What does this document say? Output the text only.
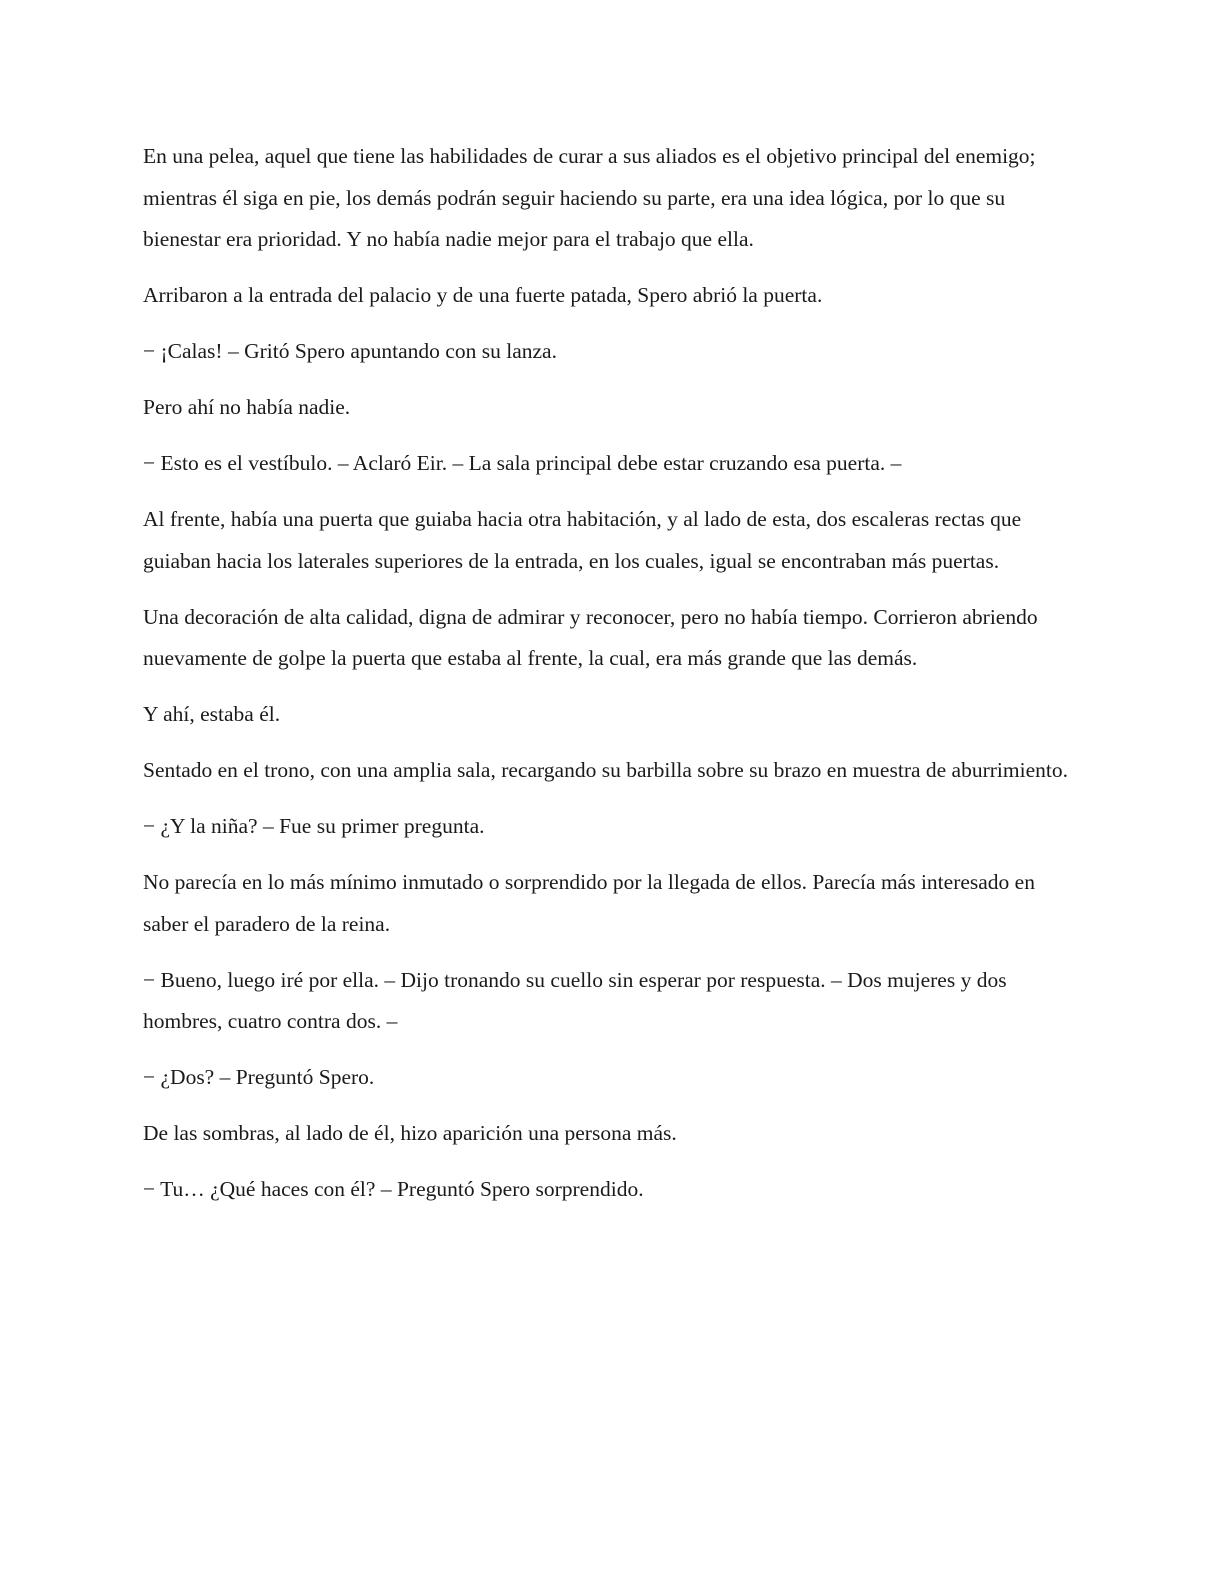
En una pelea, aquel que tiene las habilidades de curar a sus aliados es el objetivo principal del enemigo; mientras él siga en pie, los demás podrán seguir haciendo su parte, era una idea lógica, por lo que su bienestar era prioridad. Y no había nadie mejor para el trabajo que ella.

Arribaron a la entrada del palacio y de una fuerte patada, Spero abrió la puerta.

− ¡Calas! – Gritó Spero apuntando con su lanza.

Pero ahí no había nadie.

− Esto es el vestíbulo. – Aclaró Eir. – La sala principal debe estar cruzando esa puerta. –

Al frente, había una puerta que guiaba hacia otra habitación, y al lado de esta, dos escaleras rectas que guiaban hacia los laterales superiores de la entrada, en los cuales, igual se encontraban más puertas.

Una decoración de alta calidad, digna de admirar y reconocer, pero no había tiempo. Corrieron abriendo nuevamente de golpe la puerta que estaba al frente, la cual, era más grande que las demás.

Y ahí, estaba él.

Sentado en el trono, con una amplia sala, recargando su barbilla sobre su brazo en muestra de aburrimiento.

− ¿Y la niña? – Fue su primer pregunta.

No parecía en lo más mínimo inmutado o sorprendido por la llegada de ellos. Parecía más interesado en saber el paradero de la reina.

− Bueno, luego iré por ella. – Dijo tronando su cuello sin esperar por respuesta. – Dos mujeres y dos hombres, cuatro contra dos. –

− ¿Dos? – Preguntó Spero.

De las sombras, al lado de él, hizo aparición una persona más.

− Tu… ¿Qué haces con él? – Preguntó Spero sorprendido.
